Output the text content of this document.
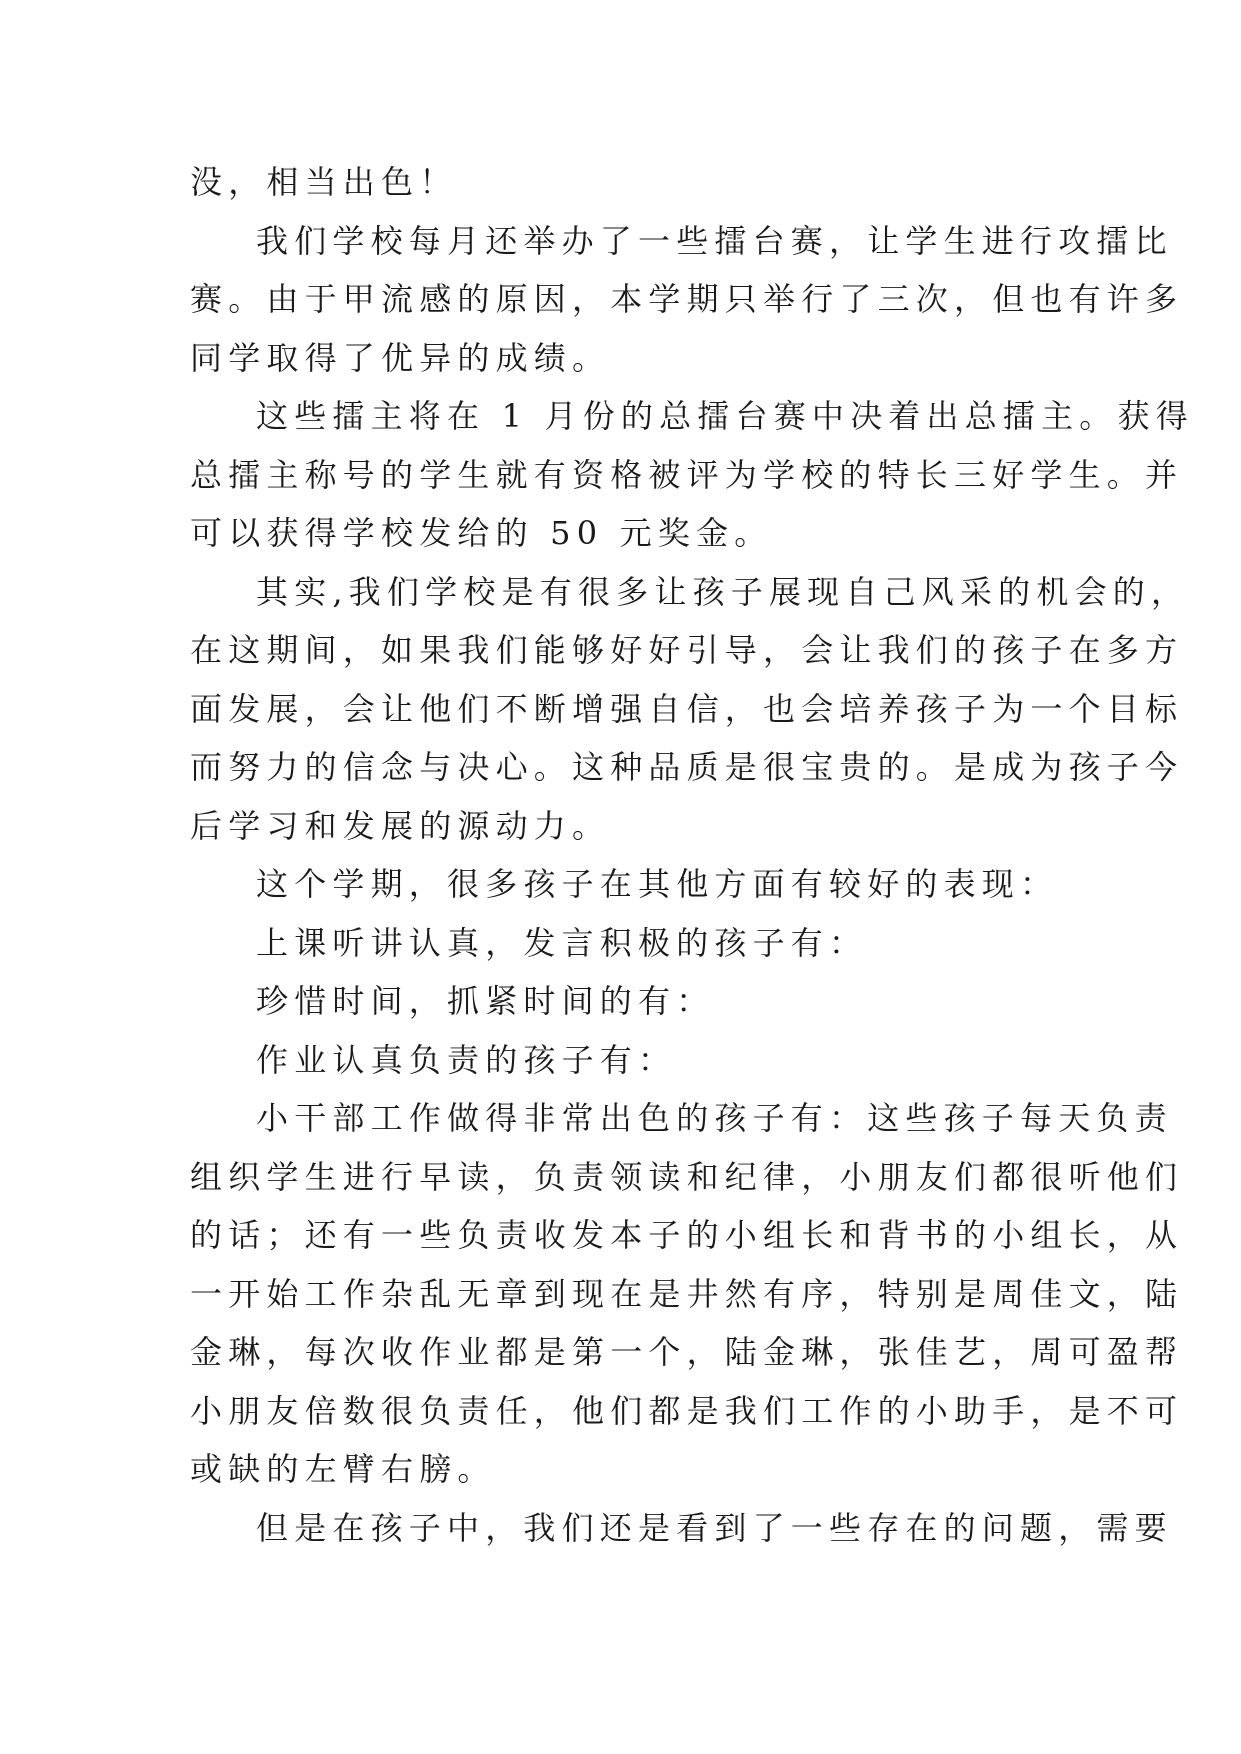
没，相当出色！
我们学校每月还举办了一些擂台赛，让学生进行攻擂比
赛。由于甲流感的原因，本学期只举行了三次，但也有许多
同学取得了优异的成绩。
这些擂主将在 1 月份的总擂台赛中决着出总擂主。获得
总擂主称号的学生就有资格被评为学校的特长三好学生。并
可以获得学校发给的 50 元奖金。
其实,我们学校是有很多让孩子展现自己风采的机会的，
在这期间，如果我们能够好好引导，会让我们的孩子在多方
面发展，会让他们不断增强自信，也会培养孩子为一个目标
而努力的信念与决心。这种品质是很宝贵的。是成为孩子今
后学习和发展的源动力。
这个学期，很多孩子在其他方面有较好的表现：
上课听讲认真，发言积极的孩子有：
珍惜时间，抓紧时间的有：
作业认真负责的孩子有：
小干部工作做得非常出色的孩子有：这些孩子每天负责
组织学生进行早读，负责领读和纪律，小朋友们都很听他们
的话；还有一些负责收发本子的小组长和背书的小组长，从
一开始工作杂乱无章到现在是井然有序，特别是周佳文，陆
金琳，每次收作业都是第一个，陆金琳，张佳艺，周可盈帮
小朋友倍数很负责任，他们都是我们工作的小助手，是不可
或缺的左臂右膀。
但是在孩子中，我们还是看到了一些存在的问题，需要
